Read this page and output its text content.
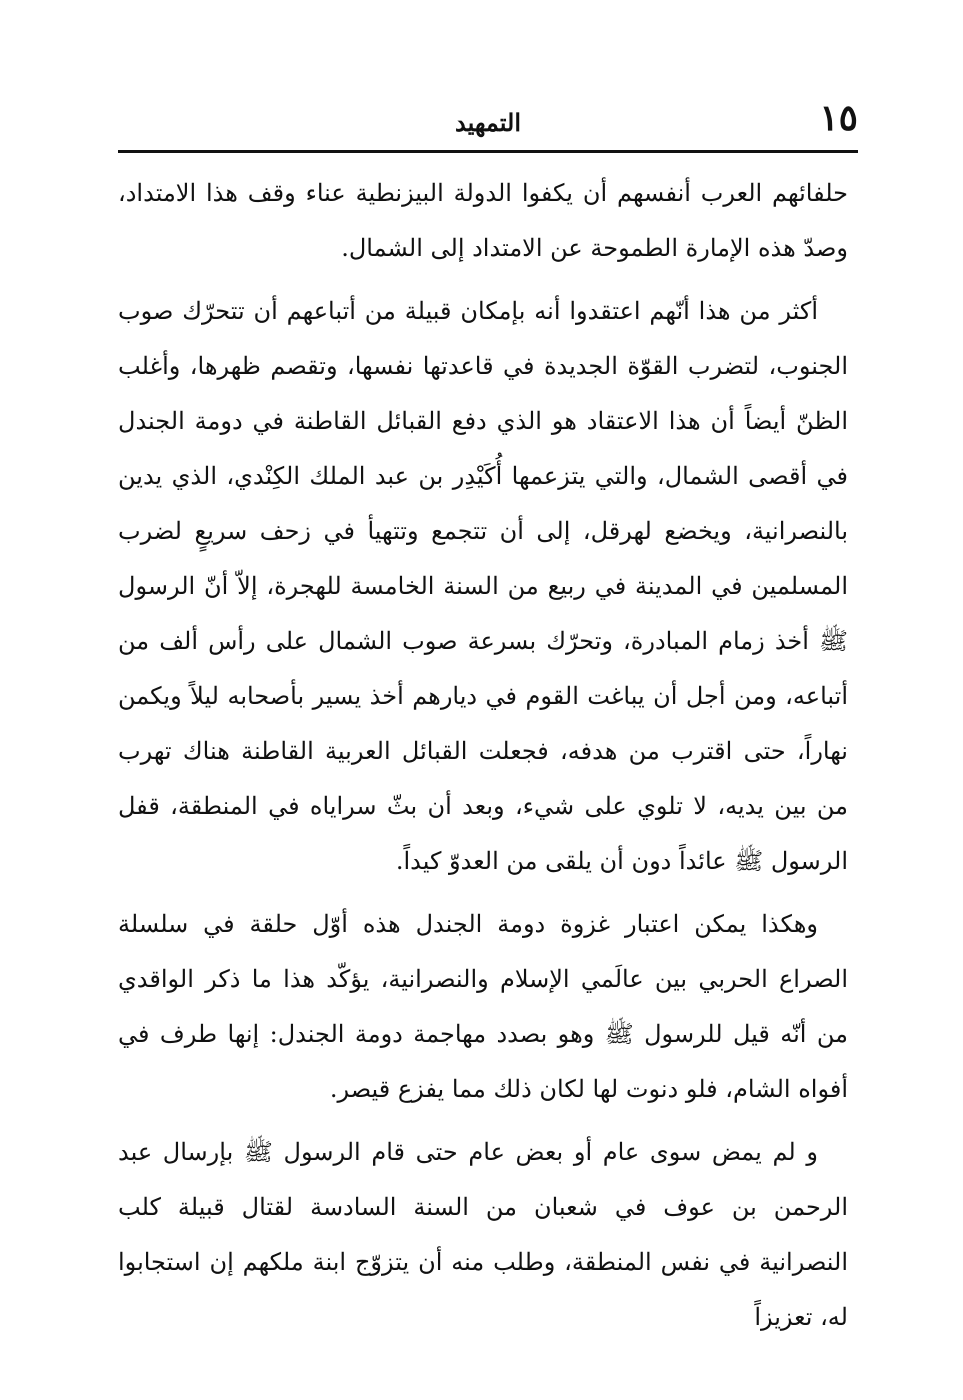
١٥
التمهيد

حلفائهم العرب أنفسهم أن يكفوا الدولة البيزنطية عناء وقف هذا الامتداد، وصدّ هذه الإمارة الطموحة عن الامتداد إلى الشمال.

أكثر من هذا أنّهم اعتقدوا أنه بإمكان قبيلة من أتباعهم أن تتحرّك صوب الجنوب، لتضرب القوّة الجديدة في قاعدتها نفسها، وتقصم ظهرها، وأغلب الظنّ أيضاً أن هذا الاعتقاد هو الذي دفع القبائل القاطنة في دومة الجندل في أقصى الشمال، والتي يتزعمها أُكَيْدِر بن عبد الملك الكِنْدي، الذي يدين بالنصرانية، ويخضع لهرقل، إلى أن تتجمع وتتهيأ في زحف سريعٍ لضرب المسلمين في المدينة في ربيع من السنة الخامسة للهجرة، إلاّ أنّ الرسول ﷺ أخذ زمام المبادرة، وتحرّك بسرعة صوب الشمال على رأس ألف من أتباعه، ومن أجل أن يباغت القوم في ديارهم أخذ يسير بأصحابه ليلاً ويكمن نهاراً، حتى اقترب من هدفه، فجعلت القبائل العربية القاطنة هناك تهرب من بين يديه، لا تلوي على شيء، وبعد أن بثّ سراياه في المنطقة، قفل الرسول ﷺ عائداً دون أن يلقى من العدوّ كيداً.

وهكذا يمكن اعتبار غزوة دومة الجندل هذه أوّل حلقة في سلسلة الصراع الحربي بين عالَمي الإسلام والنصرانية، يؤكّد هذا ما ذكر الواقدي من أنّه قيل للرسول ﷺ وهو بصدد مهاجمة دومة الجندل: إنها طرف في أفواه الشام، فلو دنوت لها لكان ذلك مما يفزع قيصر.

و لم يمض سوى عام أو بعض عام حتى قام الرسول ﷺ بإرسال عبد الرحمن بن عوف في شعبان من السنة السادسة لقتال قبيلة كلب النصرانية في نفس المنطقة، وطلب منه أن يتزوّج ابنة ملكهم إن استجابوا له، تعزيزاً
